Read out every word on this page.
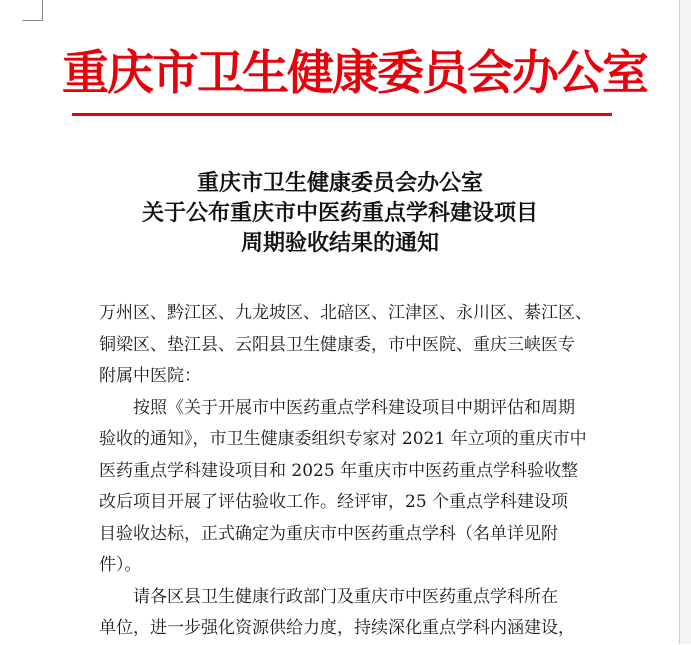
重庆市卫生健康委员会办公室
重庆市卫生健康委员会办公室
关于公布重庆市中医药重点学科建设项目
周期验收结果的通知
万州区、黔江区、九龙坡区、北碚区、江津区、永川区、綦江区、
铜梁区、垫江县、云阳县卫生健康委，市中医院、重庆三峡医专
附属中医院：
按照《关于开展市中医药重点学科建设项目中期评估和周期
验收的通知》，市卫生健康委组织专家对 2021 年立项的重庆市中
医药重点学科建设项目和 2025 年重庆市中医药重点学科验收整
改后项目开展了评估验收工作。经评审，25 个重点学科建设项
目验收达标，正式确定为重庆市中医药重点学科（名单详见附
件）。
请各区县卫生健康行政部门及重庆市中医药重点学科所在
单位，进一步强化资源供给力度，持续深化重点学科内涵建设，
